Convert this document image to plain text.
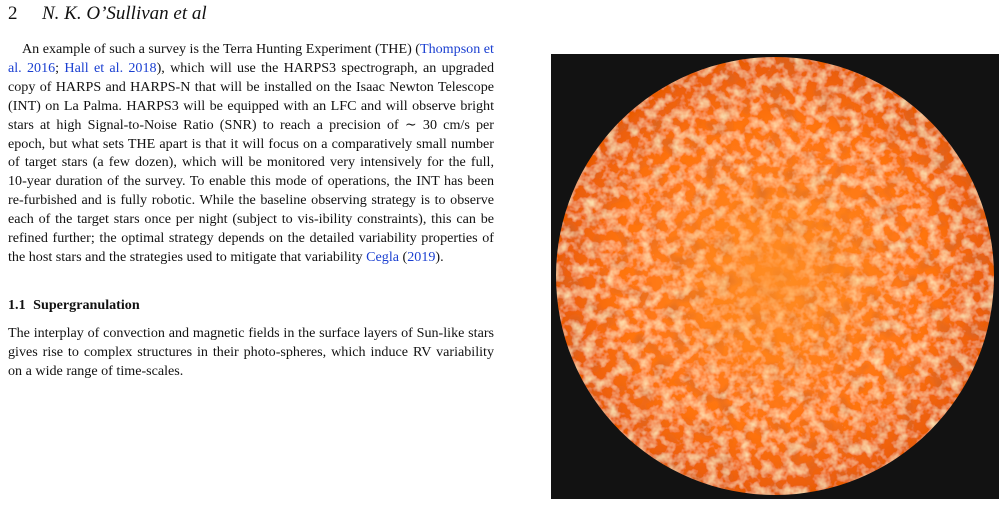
2 N. K. O’Sullivan et al

An example of such a survey is the Terra Hunting Experiment (THE) (Thompson et al. 2016; Hall et al. 2018), which will use the HARPS3 spectrograph, an upgraded copy of HARPS and HARPS-N that will be installed on the Isaac Newton Telescope (INT) on La Palma. HARPS3 will be equipped with an LFC and will observe bright stars at high Signal-to-Noise Ratio (SNR) to reach a precision of ∼ 30 cm/s per epoch, but what sets THE apart is that it will focus on a comparatively small number of target stars (a few dozen), which will be monitored very intensively for the full, 10-year duration of the survey. To enable this mode of operations, the INT has been re-furbished and is fully robotic. While the baseline observing strategy is to observe each of the target stars once per night (subject to vis-ibility constraints), this can be refined further; the optimal strategy depends on the detailed variability properties of the host stars and the strategies used to mitigate that variability Cegla (2019).

1.1 Supergranulation

The interplay of convection and magnetic fields in the surface layers of Sun-like stars gives rise to complex structures in their photo-spheres, which induce RV variability on a wide range of time-scales.
